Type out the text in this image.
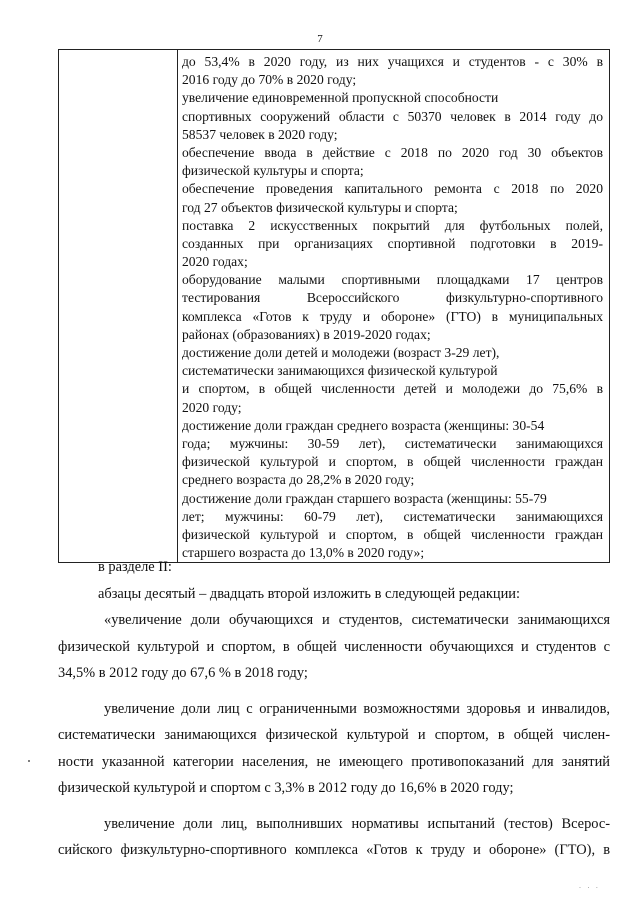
7

до 53,4% в 2020 году, из них учащихся и студентов - с 30% в
2016 году до 70% в 2020 году;
увеличение единовременной пропускной способности
спортивных сооружений области с 50370 человек в 2014 году до
58537 человек в 2020 году;
обеспечение ввода в действие с 2018 по 2020 год 30 объектов
физической культуры и спорта;
обеспечение проведения капитального ремонта с 2018 по 2020
год 27 объектов физической культуры и спорта;
поставка 2 искусственных покрытий для футбольных полей,
созданных при организациях спортивной подготовки в 2019-
2020 годах;
оборудование малыми спортивными площадками 17 центров
тестирования Всероссийского физкультурно-спортивного
комплекса «Готов к труду и обороне» (ГТО) в муниципальных
районах (образованиях) в 2019-2020 годах;
достижение доли детей и молодежи (возраст 3-29 лет),
систематически занимающихся физической культурой
и спортом, в общей численности детей и молодежи до 75,6% в
2020 году;
достижение доли граждан среднего возраста (женщины: 30-54
года; мужчины: 30-59 лет), систематически занимающихся
физической культурой и спортом, в общей численности граждан
среднего возраста до 28,2% в 2020 году;
достижение доли граждан старшего возраста (женщины: 55-79
лет; мужчины: 60-79 лет), систематически занимающихся
физической культурой и спортом, в общей численности граждан
старшего возраста до 13,0% в 2020 году»;
в разделе II:
абзацы десятый – двадцать второй изложить в следующей редакции:
«увеличение доли обучающихся и студентов, систематически занимающихся
физической культурой и спортом, в общей численности обучающихся и студентов с
34,5% в 2012 году до 67,6 % в 2018 году;
увеличение доли лиц с ограниченными возможностями здоровья и инвалидов,
систематически занимающихся физической культурой и спортом, в общей числен-
ности указанной категории населения, не имеющего противопоказаний для занятий
физической культурой и спортом с 3,3% в 2012 году до 16,6% в 2020 году;
увеличение доли лиц, выполнивших нормативы испытаний (тестов) Всерос-
сийского физкультурно-спортивного комплекса «Готов к труду и обороне» (ГТО), в
· · ·
